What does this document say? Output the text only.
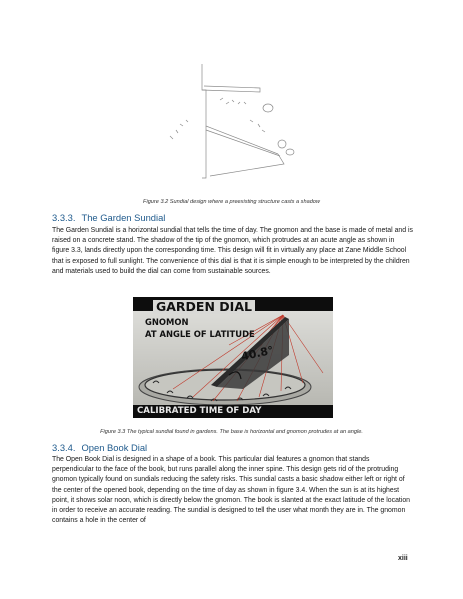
Figure 3.2 Sundial design where a preexisting structure casts a shadow
3.3.3. The Garden Sundial
The Garden Sundial is a horizontal sundial that tells the time of day. The gnomon and the base is made of metal and is raised on a concrete stand. The shadow of the tip of the gnomon, which protrudes at an acute angle as shown in figure 3.3, lands directly upon the corresponding time. This design will fit in virtually any place at Zane Middle School that is exposed to full sunlight. The convenience of this dial is that it is simple enough to be interpreted by the children and materials used to build the dial can come from sustainable sources.
GARDEN DIAL
GNOMON
AT ANGLE OF LATITUDE
40.8°
CALIBRATED TIME OF DAY
Figure 3.3 The typical sundial found in gardens. The base is horizontal and gnomon protrudes at an angle.
3.3.4. Open Book Dial
The Open Book Dial is designed in a shape of a book. This particular dial features a gnomon that stands perpendicular to the face of the book, but runs parallel along the inner spine. This design gets rid of the protruding gnomon typically found on sundials reducing the safety risks. This sundial casts a basic shadow either left or right of the center of the opened book, depending on the time of day as shown in figure 3.4. When the sun is at its highest point, it shows solar noon, which is directly below the gnomon. The book is slanted at the exact latitude of the location in order to receive an accurate reading. The sundial is designed to tell the user what month they are in. The gnomon contains a hole in the center of
xiii
